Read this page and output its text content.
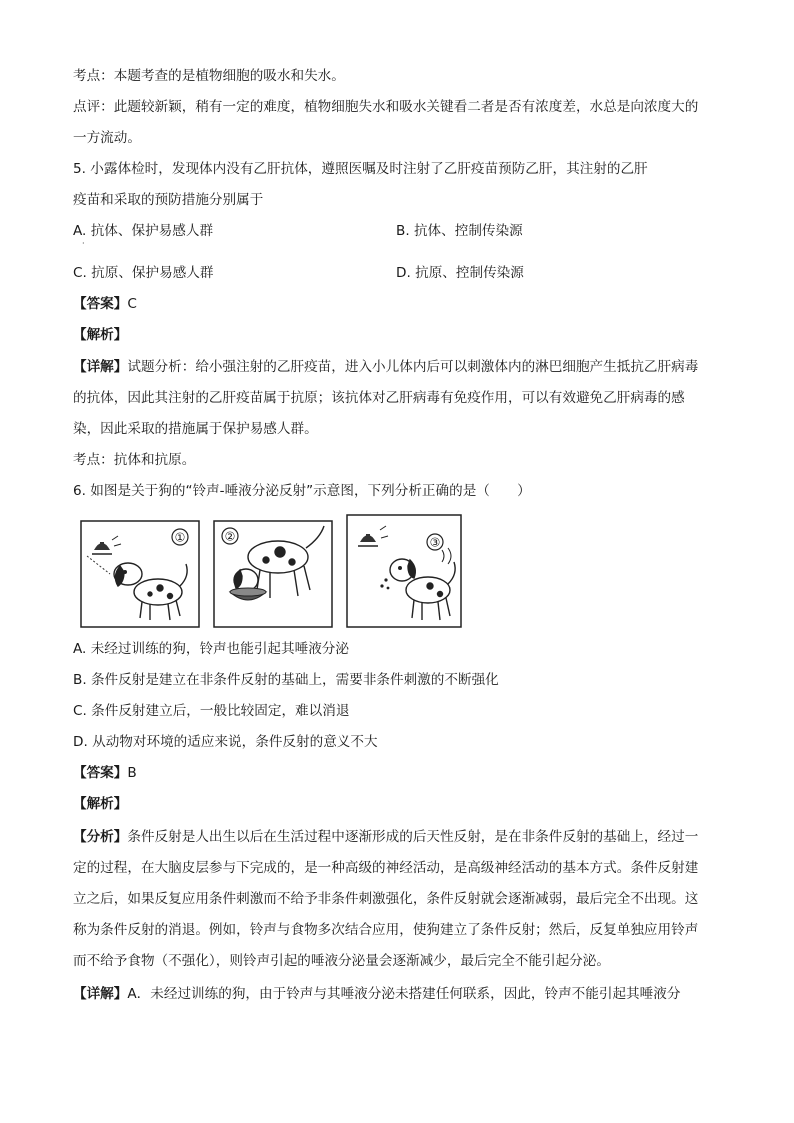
考点：本题考查的是植物细胞的吸水和失水。
点评：此题较新颖，稍有一定的难度，植物细胞失水和吸水关键看二者是否有浓度差，水总是向浓度大的
一方流动。
5. 小露体检时，发现体内没有乙肝抗体，遵照医嘱及时注射了乙肝疫苗预防乙肝，其注射的乙肝
疫苗和采取的预防措施分别属于
A. 抗体、保护易感人群	B. 抗体、控制传染源
·
C. 抗原、保护易感人群	D. 抗原、控制传染源
【答案】C
【解析】
【详解】试题分析：给小强注射的乙肝疫苗，进入小儿体内后可以刺激体内的淋巴细胞产生抵抗乙肝病毒
的抗体，因此其注射的乙肝疫苗属于抗原；该抗体对乙肝病毒有免疫作用，可以有效避免乙肝病毒的感
染，因此采取的措施属于保护易感人群。
考点：抗体和抗原。
6. 如图是关于狗的“铃声-唾液分泌反射”示意图，下列分析正确的是（　　）
①	②	③
A. 未经过训练的狗，铃声也能引起其唾液分泌
B. 条件反射是建立在非条件反射的基础上，需要非条件刺激的不断强化
C. 条件反射建立后，一般比较固定，难以消退
D. 从动物对环境的适应来说，条件反射的意义不大
【答案】B
【解析】
【分析】条件反射是人出生以后在生活过程中逐渐形成的后天性反射，是在非条件反射的基础上，经过一
定的过程，在大脑皮层参与下完成的，是一种高级的神经活动，是高级神经活动的基本方式。条件反射建
立之后，如果反复应用条件刺激而不给予非条件刺激强化，条件反射就会逐渐减弱，最后完全不出现。这
称为条件反射的消退。例如，铃声与食物多次结合应用，使狗建立了条件反射；然后，反复单独应用铃声
而不给予食物（不强化），则铃声引起的唾液分泌量会逐渐减少，最后完全不能引起分泌。
【详解】A．未经过训练的狗，由于铃声与其唾液分泌未搭建任何联系，因此，铃声不能引起其唾液分
